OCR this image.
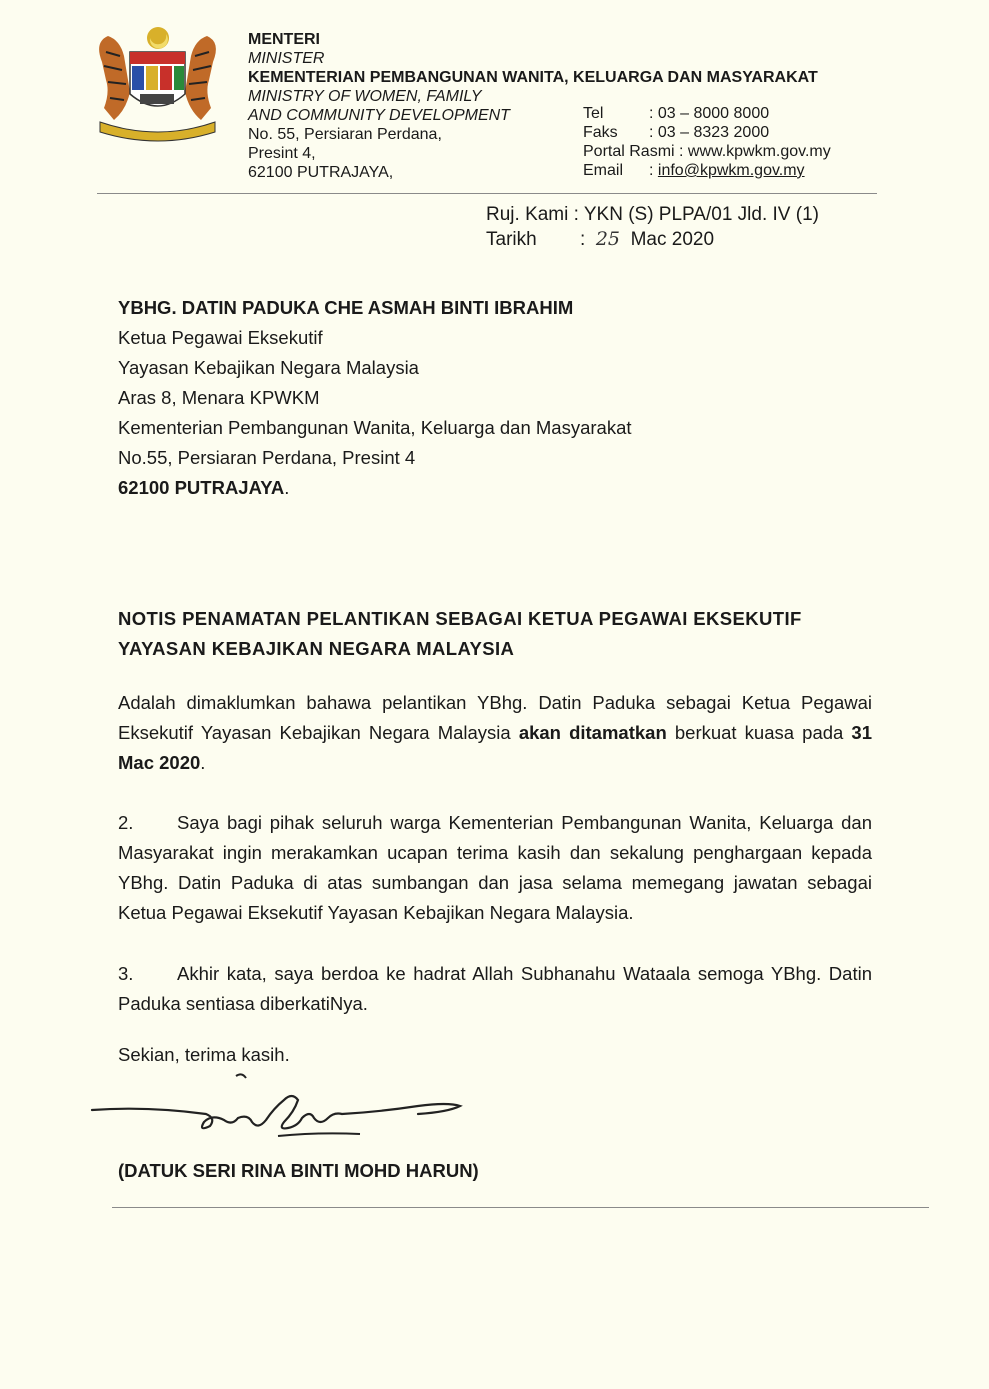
MENTERI
MINISTER
KEMENTERIAN PEMBANGUNAN WANITA, KELUARGA DAN MASYARAKAT
MINISTRY OF WOMEN, FAMILY
AND COMMUNITY DEVELOPMENT
No. 55, Persiaran Perdana,
Presint 4,
62100 PUTRAJAYA,
Tel	: 03 – 8000 8000
Faks : 03 – 8323 2000
Portal Rasmi : www.kpwkm.gov.my
Email : info@kpwkm.gov.my
Ruj. Kami : YKN (S) PLPA/01 Jld. IV (1)
Tarikh : 25 Mac 2020
YBHG. DATIN PADUKA CHE ASMAH BINTI IBRAHIM
Ketua Pegawai Eksekutif
Yayasan Kebajikan Negara Malaysia
Aras 8, Menara KPWKM
Kementerian Pembangunan Wanita, Keluarga dan Masyarakat
No.55, Persiaran Perdana, Presint 4
62100 PUTRAJAYA.
NOTIS PENAMATAN PELANTIKAN SEBAGAI KETUA PEGAWAI EKSEKUTIF
YAYASAN KEBAJIKAN NEGARA MALAYSIA
Adalah dimaklumkan bahawa pelantikan YBhg. Datin Paduka sebagai Ketua Pegawai Eksekutif Yayasan Kebajikan Negara Malaysia akan ditamatkan berkuat kuasa pada 31 Mac 2020.
2. Saya bagi pihak seluruh warga Kementerian Pembangunan Wanita, Keluarga dan Masyarakat ingin merakamkan ucapan terima kasih dan sekalung penghargaan kepada YBhg. Datin Paduka di atas sumbangan dan jasa selama memegang jawatan sebagai Ketua Pegawai Eksekutif Yayasan Kebajikan Negara Malaysia.
3. Akhir kata, saya berdoa ke hadrat Allah Subhanahu Wataala semoga YBhg. Datin Paduka sentiasa diberkatiNya.
Sekian, terima kasih.
(DATUK SERI RINA BINTI MOHD HARUN)
